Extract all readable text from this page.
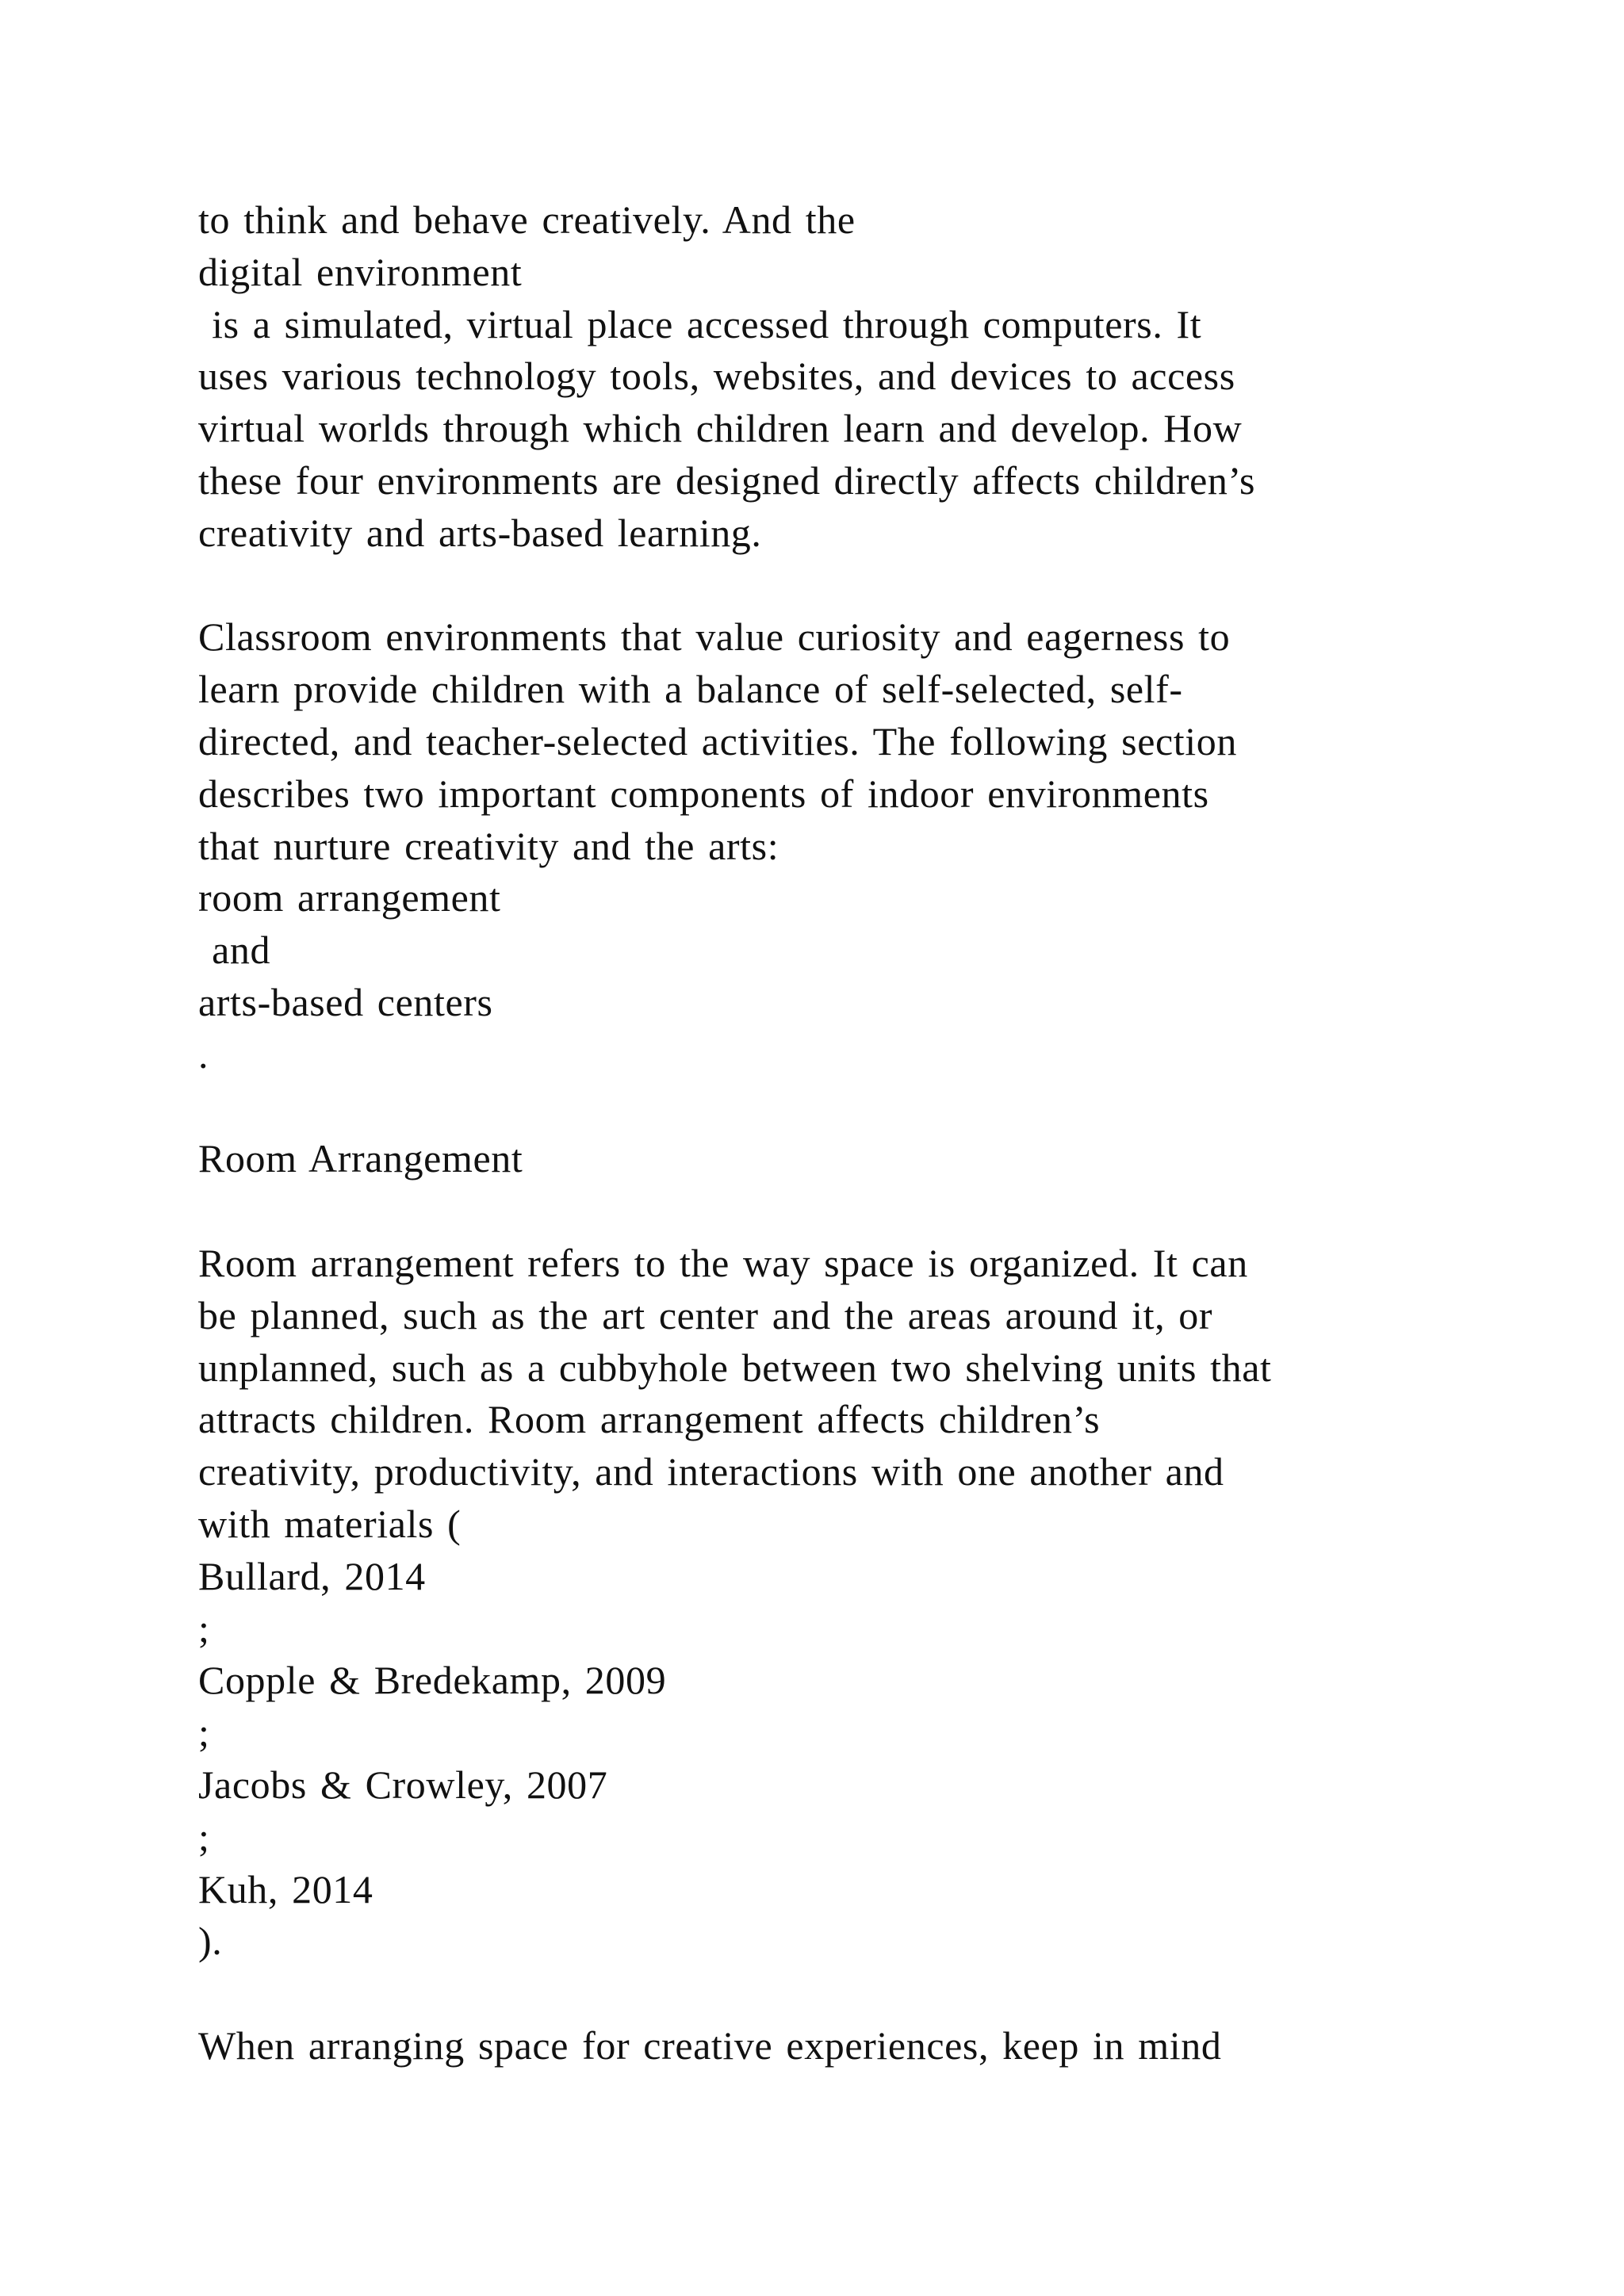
to think and behave creatively. And the
digital environment
is a simulated, virtual place accessed through computers. It
uses various technology tools, websites, and devices to access
virtual worlds through which children learn and develop. How
these four environments are designed directly affects children’s
creativity and arts-based learning.
Classroom environments that value curiosity and eagerness to
learn provide children with a balance of self-selected, self-
directed, and teacher-selected activities. The following section
describes two important components of indoor environments
that nurture creativity and the arts:
room arrangement
and
arts-based centers
.
Room Arrangement
Room arrangement refers to the way space is organized. It can
be planned, such as the art center and the areas around it, or
unplanned, such as a cubbyhole between two shelving units that
attracts children. Room arrangement affects children’s
creativity, productivity, and interactions with one another and
with materials (
Bullard, 2014
;
Copple & Bredekamp, 2009
;
Jacobs & Crowley, 2007
;
Kuh, 2014
).
When arranging space for creative experiences, keep in mind
